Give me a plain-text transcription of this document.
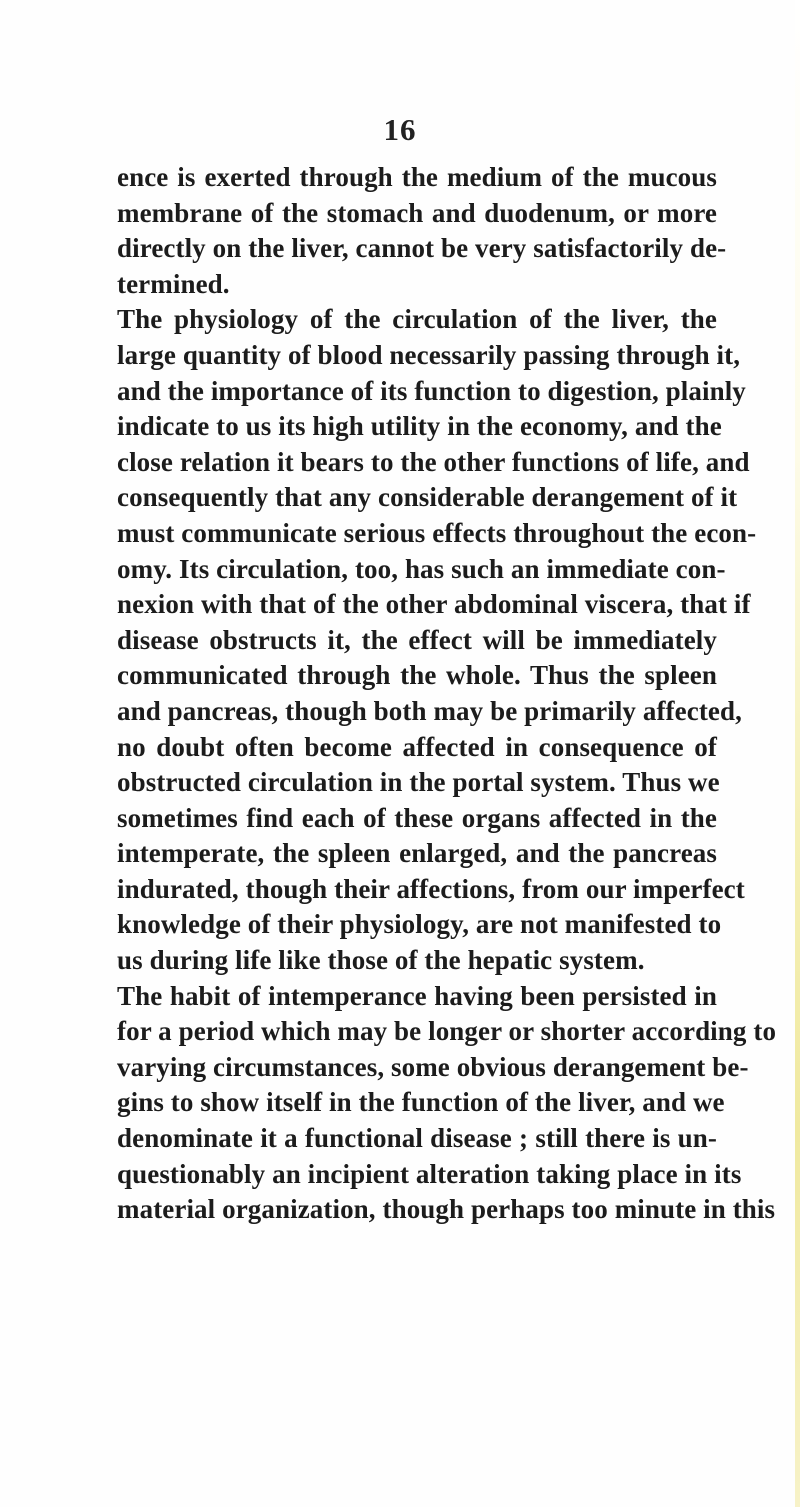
16
ence is exerted through the medium of the mucous
membrane of the stomach and duodenum, or more
directly on the liver, cannot be very satisfactorily de-
termined.
The physiology of the circulation of the liver, the
large quantity of blood necessarily passing through it,
and the importance of its function to digestion, plainly
indicate to us its high utility in the economy, and the
close relation it bears to the other functions of life, and
consequently that any considerable derangement of it
must communicate serious effects throughout the econ-
omy. Its circulation, too, has such an immediate con-
nexion with that of the other abdominal viscera, that if
disease obstructs it, the effect will be immediately
communicated through the whole. Thus the spleen
and pancreas, though both may be primarily affected,
no doubt often become affected in consequence of
obstructed circulation in the portal system. Thus we
sometimes find each of these organs affected in the
intemperate, the spleen enlarged, and the pancreas
indurated, though their affections, from our imperfect
knowledge of their physiology, are not manifested to
us during life like those of the hepatic system.
The habit of intemperance having been persisted in
for a period which may be longer or shorter according to
varying circumstances, some obvious derangement be-
gins to show itself in the function of the liver, and we
denominate it a functional disease ; still there is un-
questionably an incipient alteration taking place in its
material organization, though perhaps too minute in this
